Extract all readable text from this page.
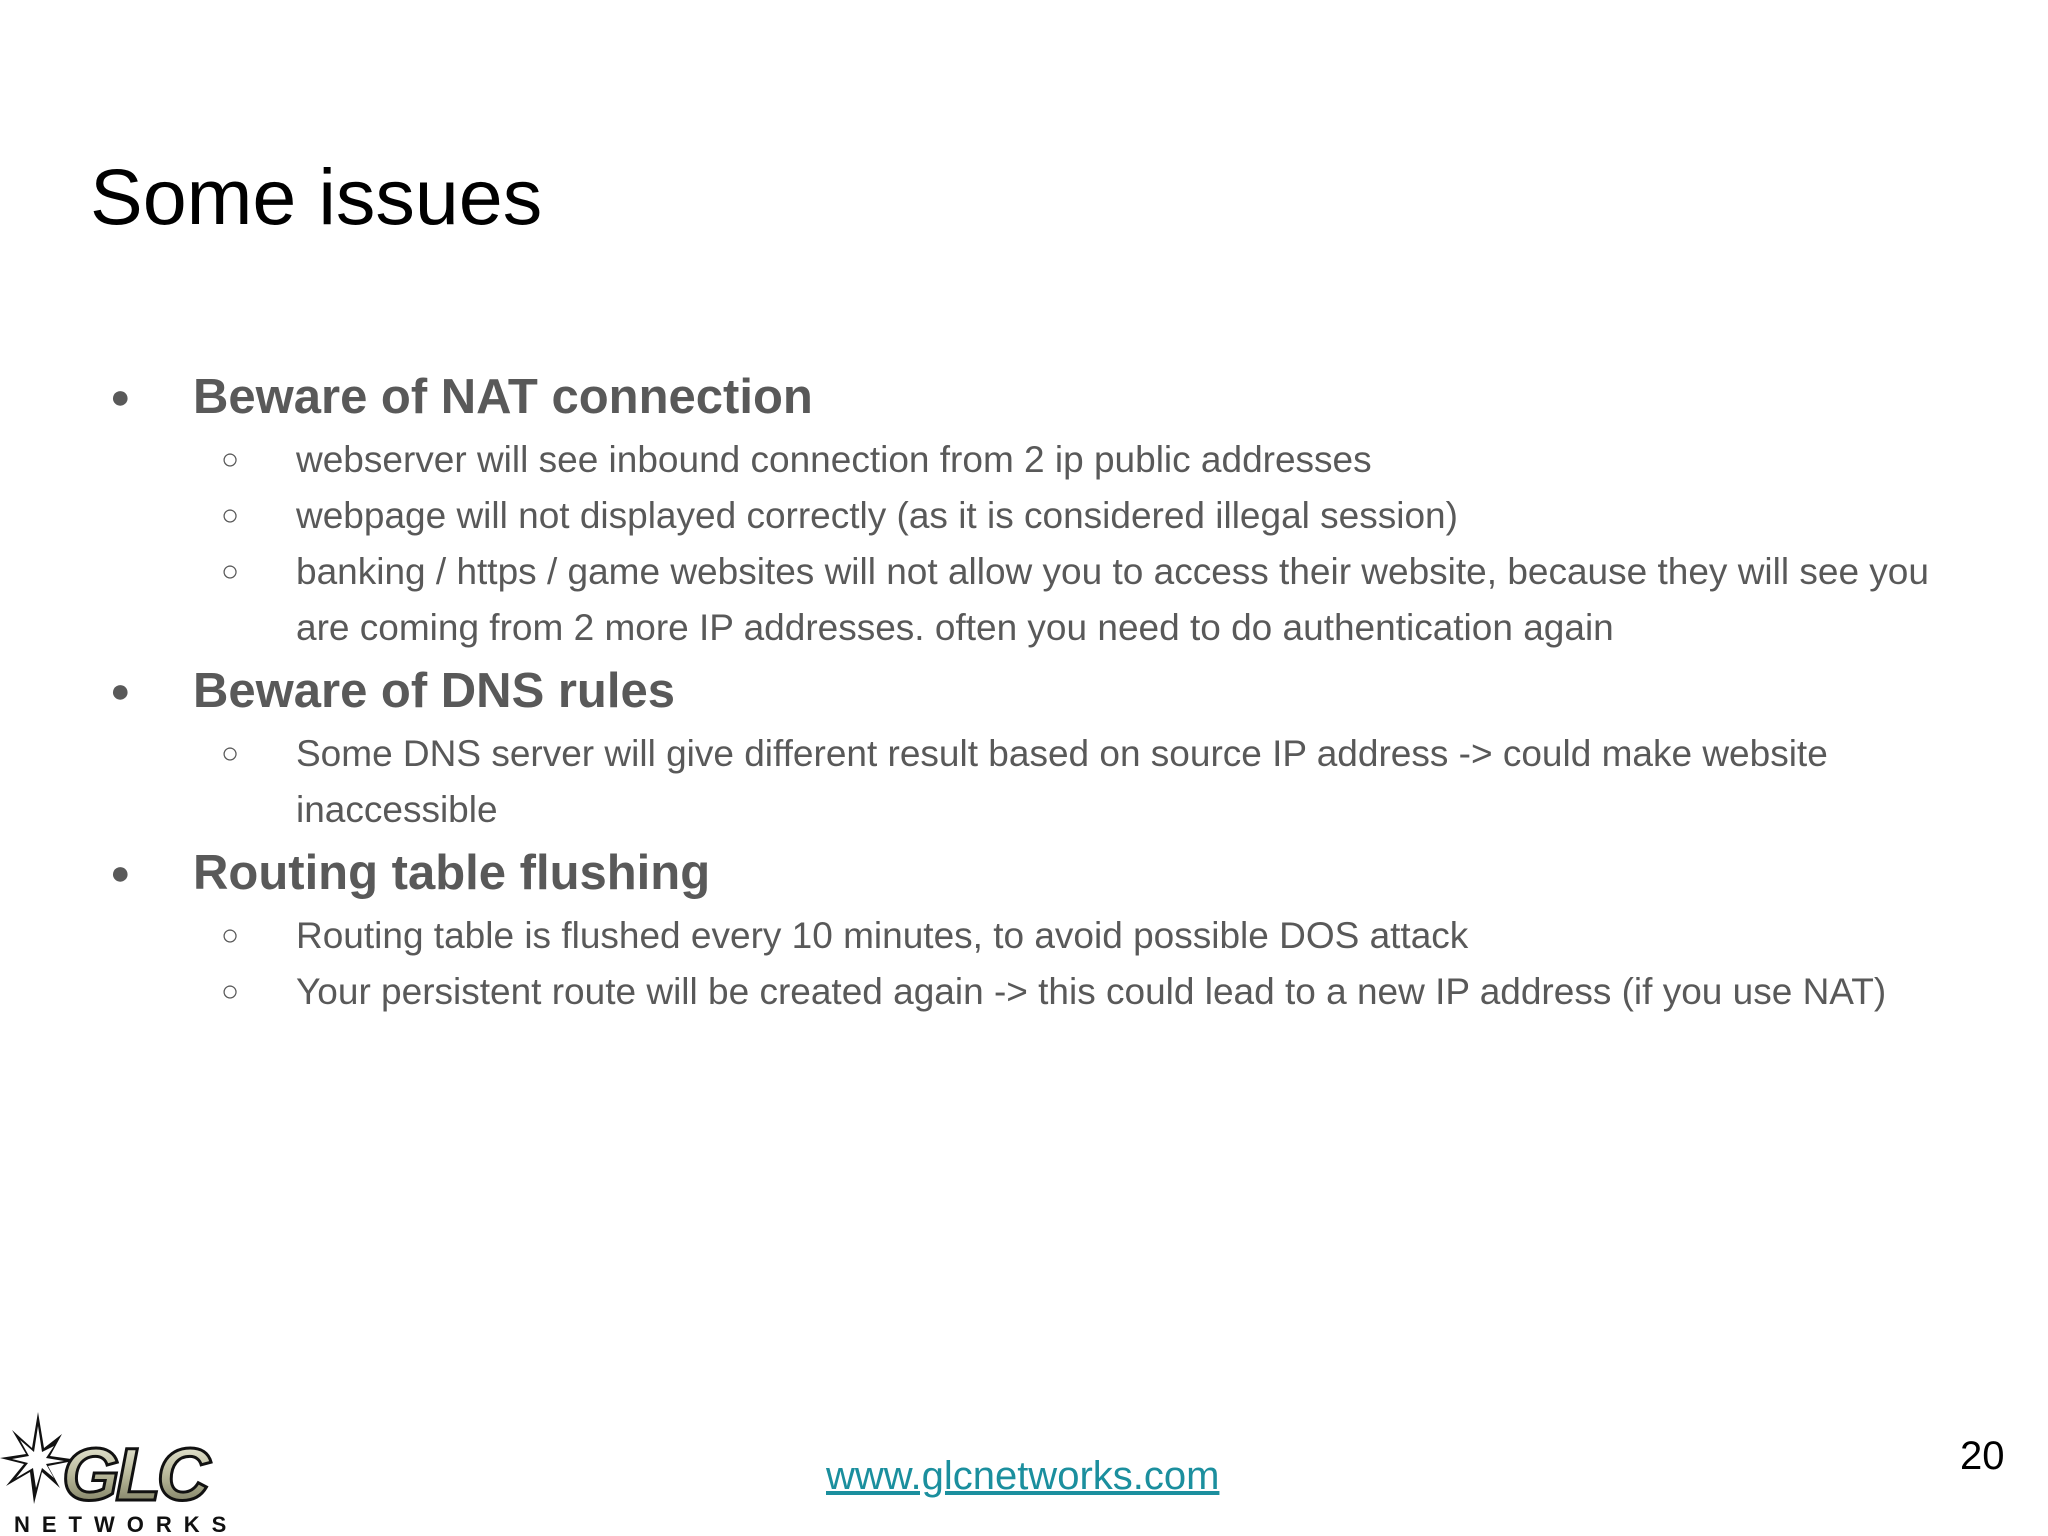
Some issues
● Beware of NAT connection
○ webserver will see inbound connection from 2 ip public addresses
○ webpage will not displayed correctly (as it is considered illegal session)
○ banking / https / game websites will not allow you to access their website, because they will see you are coming from 2 more IP addresses. often you need to do authentication again
● Beware of DNS rules
○ Some DNS server will give different result based on source IP address -> could make website inaccessible
● Routing table flushing
○ Routing table is flushed every 10 minutes, to avoid possible DOS attack
○ Your persistent route will be created again -> this could lead to a new IP address (if you use NAT)
GLC
NETWORKS
www.glcnetworks.com	20
